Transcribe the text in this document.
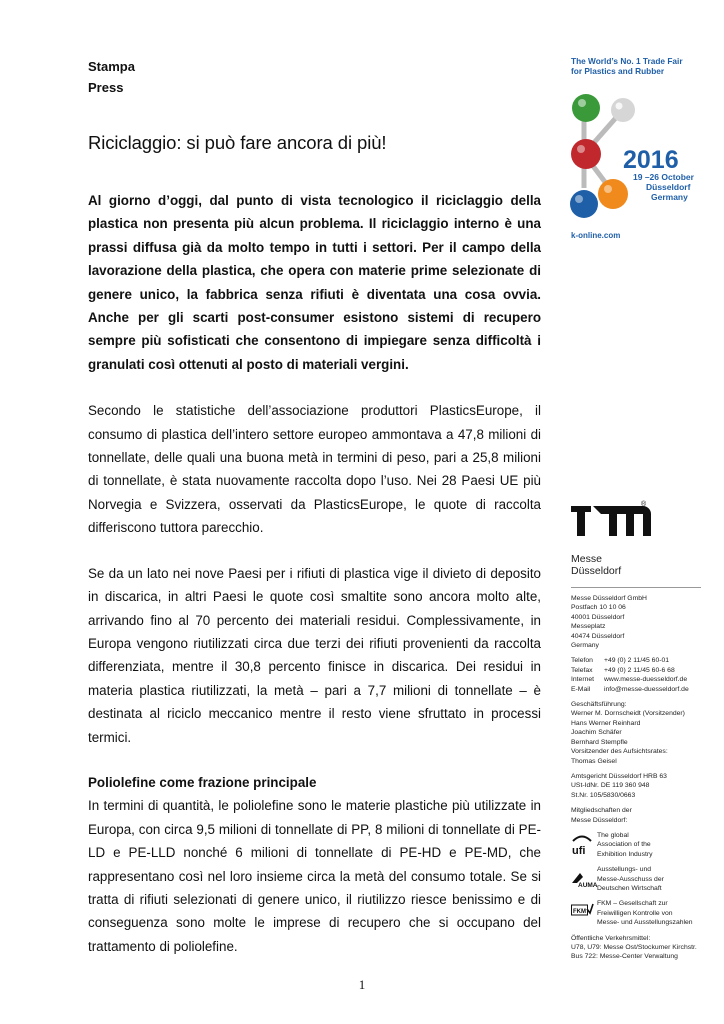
Stampa
Press
Riciclaggio: si può fare ancora di più!

Al giorno d’oggi, dal punto di vista tecnologico il riciclaggio della plastica non presenta più alcun problema. Il riciclaggio interno è una prassi diffusa già da molto tempo in tutti i settori. Per il campo della lavorazione della plastica, che opera con materie prime selezionate di genere unico, la fabbrica senza rifiuti è diventata una cosa ovvia. Anche per gli scarti post-consumer esistono sistemi di recupero sempre più sofisticati che consentono di impiegare senza difficoltà i granulati così ottenuti al posto di materiali vergini.

Secondo le statistiche dell’associazione produttori PlasticsEurope, il consumo di plastica dell’intero settore europeo ammontava a 47,8 milioni di tonnellate, delle quali una buona metà in termini di peso, pari a 25,8 milioni di tonnellate, è stata nuovamente raccolta dopo l’uso. Nei 28 Paesi UE più Norvegia e Svizzera, osservati da PlasticsEurope, le quote di raccolta differiscono tuttora parecchio.

Se da un lato nei nove Paesi per i rifiuti di plastica vige il divieto di deposito in discarica, in altri Paesi le quote così smaltite sono ancora molto alte, arrivando fino al 70 percento dei materiali residui. Complessivamente, in Europa vengono riutilizzati circa due terzi dei rifiuti provenienti da raccolta differenziata, mentre il 30,8 percento finisce in discarica. Dei residui in materia plastica riutilizzati, la metà – pari a 7,7 milioni di tonnellate – è destinata al riciclo meccanico mentre il resto viene sfruttato in processi termici.

Poliolefine come frazione principale

In termini di quantità, le poliolefine sono le materie plastiche più utilizzate in Europa, con circa 9,5 milioni di tonnellate di PP, 8 milioni di tonnellate di PE-LD e PE-LLD nonché 6 milioni di tonnellate di PE-HD e PE-MD, che rappresentano così nel loro insieme circa la metà del consumo totale. Se si tratta di rifiuti selezionati di genere unico, il riutilizzo riesce benissimo e di conseguenza sono molte le imprese di recupero che si occupano del trattamento di poliolefine.

1
The World’s No. 1 Trade Fair
for Plastics and Rubber
2016
19 –26 October
Düsseldorf
Germany
k-online.com
®
Messe
Düsseldorf
Messe Düsseldorf GmbH
Postfach 10 10 06
40001 Düsseldorf
Messeplatz
40474 Düsseldorf
Germany
Telefon +49 (0) 2 11/45 60-01
Telefax +49 (0) 2 11/45 60-6 68
Internet www.messe-duesseldorf.de
E-Mail info@messe-duesseldorf.de
Geschäftsführung:
Werner M. Dornscheidt (Vorsitzender)
Hans Werner Reinhard
Joachim Schäfer
Bernhard Stempfle
Vorsitzender des Aufsichtsrates:
Thomas Geisel
Amtsgericht Düsseldorf HRB 63
USt-IdNr. DE 119 360 948
St.Nr. 105/5830/0663
Mitgliedschaften der
Messe Düsseldorf:
ufi
The global
Association of the
Exhibition Industry
AUMA
Ausstellungs- und
Messe-Ausschuss der
Deutschen Wirtschaft
FKM
FKM – Gesellschaft zur
Freiwilligen Kontrolle von
Messe- und Ausstellungszahlen
Öffentliche Verkehrsmittel:
U78, U79: Messe Ost/Stockumer Kirchstr.
Bus 722: Messe-Center Verwaltung
